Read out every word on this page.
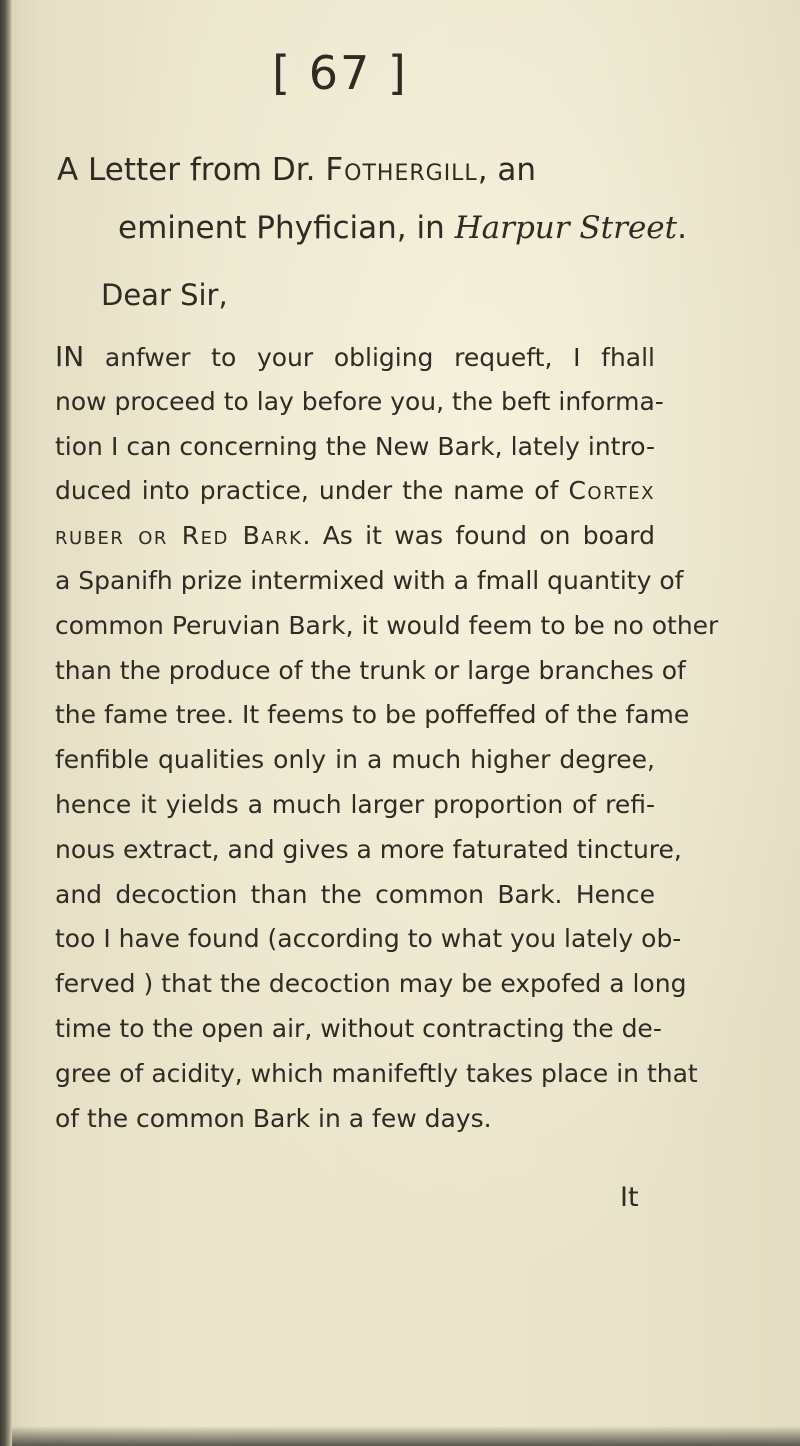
[ 67 ]
A Letter from Dr. Fothergill, an
eminent Phyfician, in Harpur Street.
Dear Sir,
IN anfwer to your obliging requeft, I fhall
now proceed to lay before you, the beft informa-
tion I can concerning the New Bark, lately intro-
duced into practice, under the name of Cortex
ruber or Red Bark. As it was found on board
a Spanifh prize intermixed with a fmall quantity of
common Peruvian Bark, it would feem to be no other
than the produce of the trunk or large branches of
the fame tree. It feems to be poffeffed of the fame
fenfible qualities only in a much higher degree,
hence it yields a much larger proportion of refi-
nous extract, and gives a more faturated tincture,
and decoction than the common Bark. Hence
too I have found (according to what you lately ob-
ferved ) that the decoction may be expofed a long
time to the open air, without contracting the de-
gree of acidity, which manifeftly takes place in that
of the common Bark in a few days.
It
